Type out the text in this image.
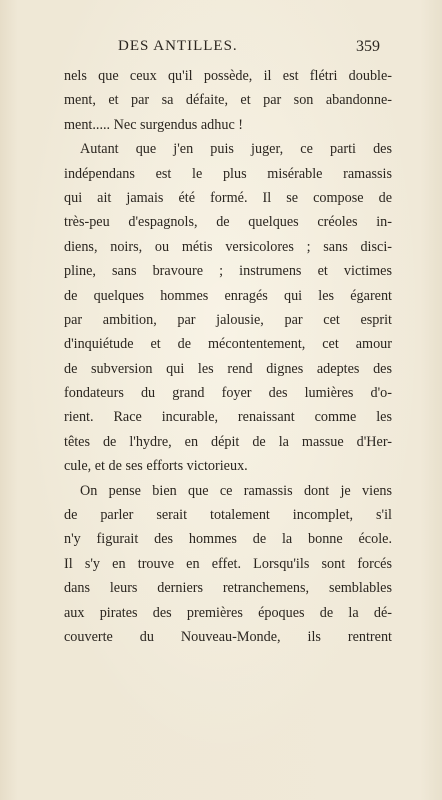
DES ANTILLES.	359
nels que ceux qu'il possède, il est flétri double-
ment, et par sa défaite, et par son abandonne-
ment..... Nec surgendus adhuc !
Autant que j'en puis juger, ce parti des
indépendans est le plus misérable ramassis
qui ait jamais été formé. Il se compose de
très-peu d'espagnols, de quelques créoles in-
diens, noirs, ou métis versicolores ; sans disci-
pline, sans bravoure ; instrumens et victimes
de quelques hommes enragés qui les égarent
par ambition, par jalousie, par cet esprit
d'inquiétude et de mécontentement, cet amour
de subversion qui les rend dignes adeptes des
fondateurs du grand foyer des lumières d'o-
rient. Race incurable, renaissant comme les
têtes de l'hydre, en dépit de la massue d'Her-
cule, et de ses efforts victorieux.
On pense bien que ce ramassis dont je viens
de parler serait totalement incomplet, s'il
n'y figurait des hommes de la bonne école.
Il s'y en trouve en effet. Lorsqu'ils sont forcés
dans leurs derniers retranchemens, semblables
aux pirates des premières époques de la dé-
couverte du Nouveau-Monde, ils rentrent
